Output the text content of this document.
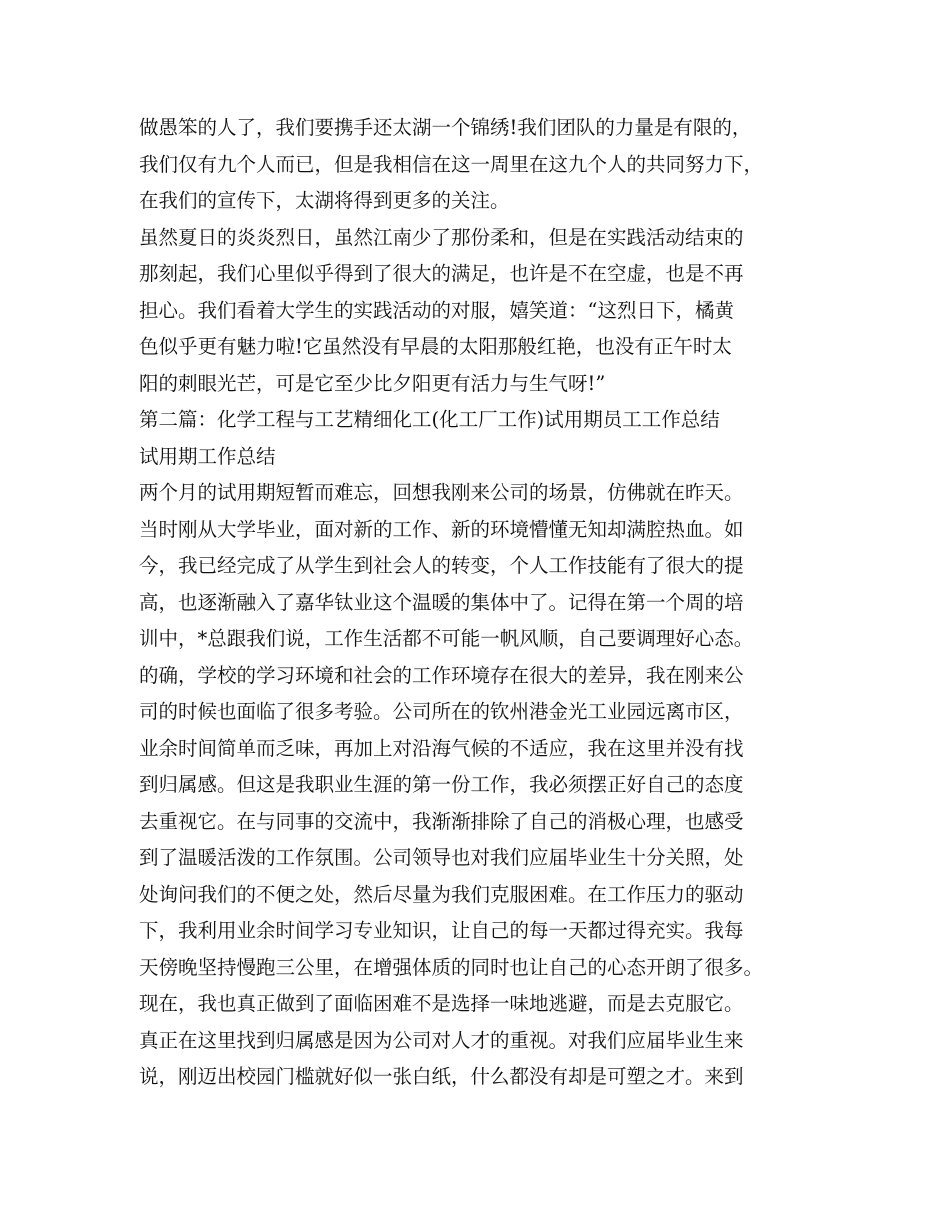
做愚笨的人了，我们要携手还太湖一个锦绣!我们团队的力量是有限的，
我们仅有九个人而已，但是我相信在这一周里在这九个人的共同努力下，
在我们的宣传下，太湖将得到更多的关注。
虽然夏日的炎炎烈日，虽然江南少了那份柔和，但是在实践活动结束的
那刻起，我们心里似乎得到了很大的满足，也许是不在空虚，也是不再
担心。我们看着大学生的实践活动的对服，嬉笑道：“这烈日下，橘黄
色似乎更有魅力啦!它虽然没有早晨的太阳那般红艳，也没有正午时太
阳的刺眼光芒，可是它至少比夕阳更有活力与生气呀!”
第二篇：化学工程与工艺精细化工(化工厂工作)试用期员工工作总结
试用期工作总结
两个月的试用期短暂而难忘，回想我刚来公司的场景，仿佛就在昨天。
当时刚从大学毕业，面对新的工作、新的环境懵懂无知却满腔热血。如
今，我已经完成了从学生到社会人的转变，个人工作技能有了很大的提
高，也逐渐融入了嘉华钛业这个温暖的集体中了。记得在第一个周的培
训中，*总跟我们说，工作生活都不可能一帆风顺，自己要调理好心态。
的确，学校的学习环境和社会的工作环境存在很大的差异，我在刚来公
司的时候也面临了很多考验。公司所在的钦州港金光工业园远离市区，
业余时间简单而乏味，再加上对沿海气候的不适应，我在这里并没有找
到归属感。但这是我职业生涯的第一份工作，我必须摆正好自己的态度
去重视它。在与同事的交流中，我渐渐排除了自己的消极心理，也感受
到了温暖活泼的工作氛围。公司领导也对我们应届毕业生十分关照，处
处询问我们的不便之处，然后尽量为我们克服困难。在工作压力的驱动
下，我利用业余时间学习专业知识，让自己的每一天都过得充实。我每
天傍晚坚持慢跑三公里，在增强体质的同时也让自己的心态开朗了很多。
现在，我也真正做到了面临困难不是选择一味地逃避，而是去克服它。
真正在这里找到归属感是因为公司对人才的重视。对我们应届毕业生来
说，刚迈出校园门槛就好似一张白纸，什么都没有却是可塑之才。来到
